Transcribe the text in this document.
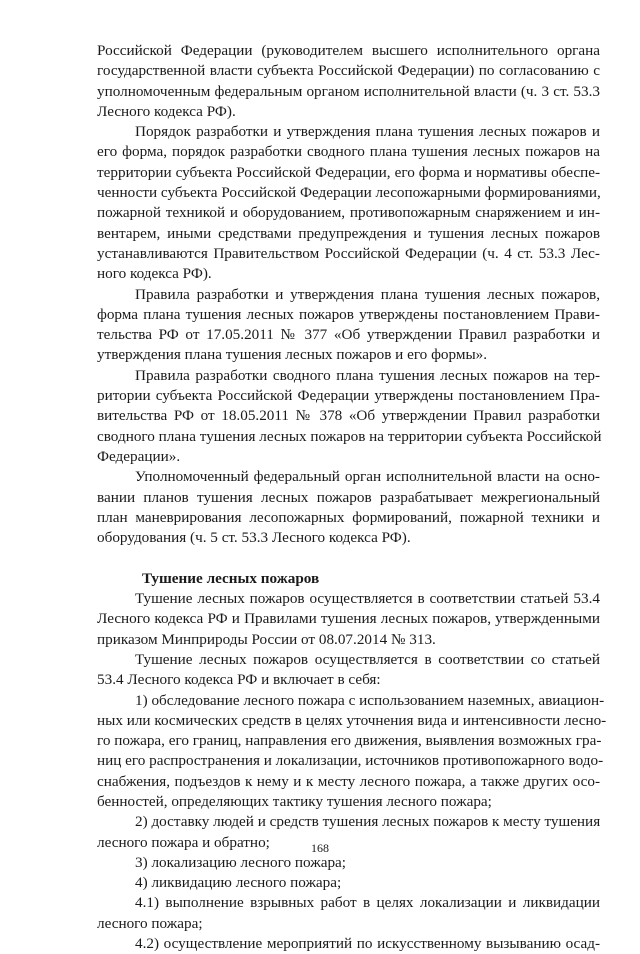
Российской Федерации (руководителем высшего исполнительного органа
государственной власти субъекта Российской Федерации) по согласованию с
уполномоченным федеральным органом исполнительной власти (ч. 3 ст. 53.3
Лесного кодекса РФ).
Порядок разработки и утверждения плана тушения лесных пожаров и
его форма, порядок разработки сводного плана тушения лесных пожаров на
территории субъекта Российской Федерации, его форма и нормативы обеспе-
ченности субъекта Российской Федерации лесопожарными формированиями,
пожарной техникой и оборудованием, противопожарным снаряжением и ин-
вентарем, иными средствами предупреждения и тушения лесных пожаров
устанавливаются Правительством Российской Федерации (ч. 4 ст. 53.3 Лес-
ного кодекса РФ).
Правила разработки и утверждения плана тушения лесных пожаров,
форма плана тушения лесных пожаров утверждены постановлением Прави-
тельства РФ от 17.05.2011 № 377 «Об утверждении Правил разработки и
утверждения плана тушения лесных пожаров и его формы».
Правила разработки сводного плана тушения лесных пожаров на тер-
ритории субъекта Российской Федерации утверждены постановлением Пра-
вительства РФ от 18.05.2011 № 378 «Об утверждении Правил разработки
сводного плана тушения лесных пожаров на территории субъекта Российской
Федерации».
Уполномоченный федеральный орган исполнительной власти на осно-
вании планов тушения лесных пожаров разрабатывает межрегиональный
план маневрирования лесопожарных формирований, пожарной техники и
оборудования (ч. 5 ст. 53.3 Лесного кодекса РФ).
Тушение лесных пожаров
Тушение лесных пожаров осуществляется в соответствии статьей 53.4
Лесного кодекса РФ и Правилами тушения лесных пожаров, утвержденными
приказом Минприроды России от 08.07.2014 № 313.
Тушение лесных пожаров осуществляется в соответствии со статьей
53.4 Лесного кодекса РФ и включает в себя:
1) обследование лесного пожара с использованием наземных, авиацион-
ных или космических средств в целях уточнения вида и интенсивности лесно-
го пожара, его границ, направления его движения, выявления возможных гра-
ниц его распространения и локализации, источников противопожарного водо-
снабжения, подъездов к нему и к месту лесного пожара, а также других осо-
бенностей, определяющих тактику тушения лесного пожара;
2) доставку людей и средств тушения лесных пожаров к месту тушения
лесного пожара и обратно;
3) локализацию лесного пожара;
4) ликвидацию лесного пожара;
4.1) выполнение взрывных работ в целях локализации и ликвидации
лесного пожара;
4.2) осуществление мероприятий по искусственному вызыванию осад-
168
